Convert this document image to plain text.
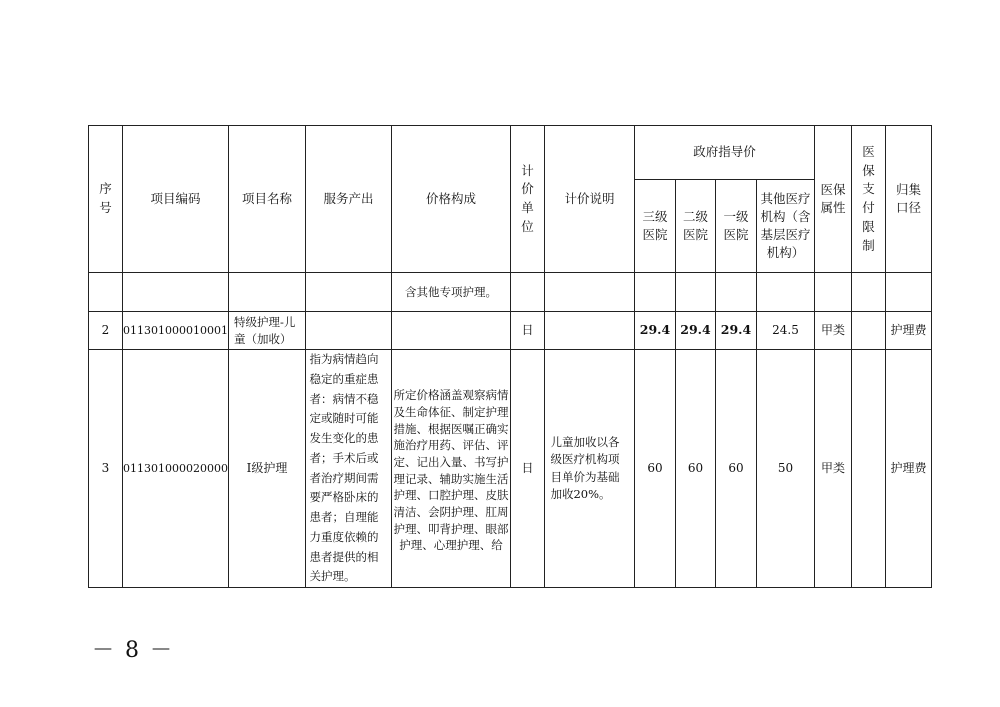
序号	项目编码	项目名称	服务产出	价格构成	计价单位	计价说明	政府指导价				医保属性	医保支付限制	归集口径

							三级医院	二级医院	一级医院	其他医疗机构（含基层医疗机构）			

				含其他专项护理。									
2	011301000010001	特级护理-儿童（加收）			日		29.4	29.4	29.4	24.5	甲类		护理费
3	011301000020000	Ⅰ级护理	指为病情趋向稳定的重症患者：病情不稳定或随时可能发生变化的患者；手术后或者治疗期间需要严格卧床的患者；自理能力重度依赖的患者提供的相关护理。	所定价格涵盖观察病情及生命体征、制定护理措施、根据医嘱正确实施治疗用药、评估、评定、记出入量、书写护理记录、辅助实施生活护理、口腔护理、皮肤清洁、会阴护理、肛周护理、叩背护理、眼部护理、心理护理、给	日	儿童加收以各级医疗机构项目单价为基础加收20%。	60	60	60	50	甲类		护理费
－ 8 －
